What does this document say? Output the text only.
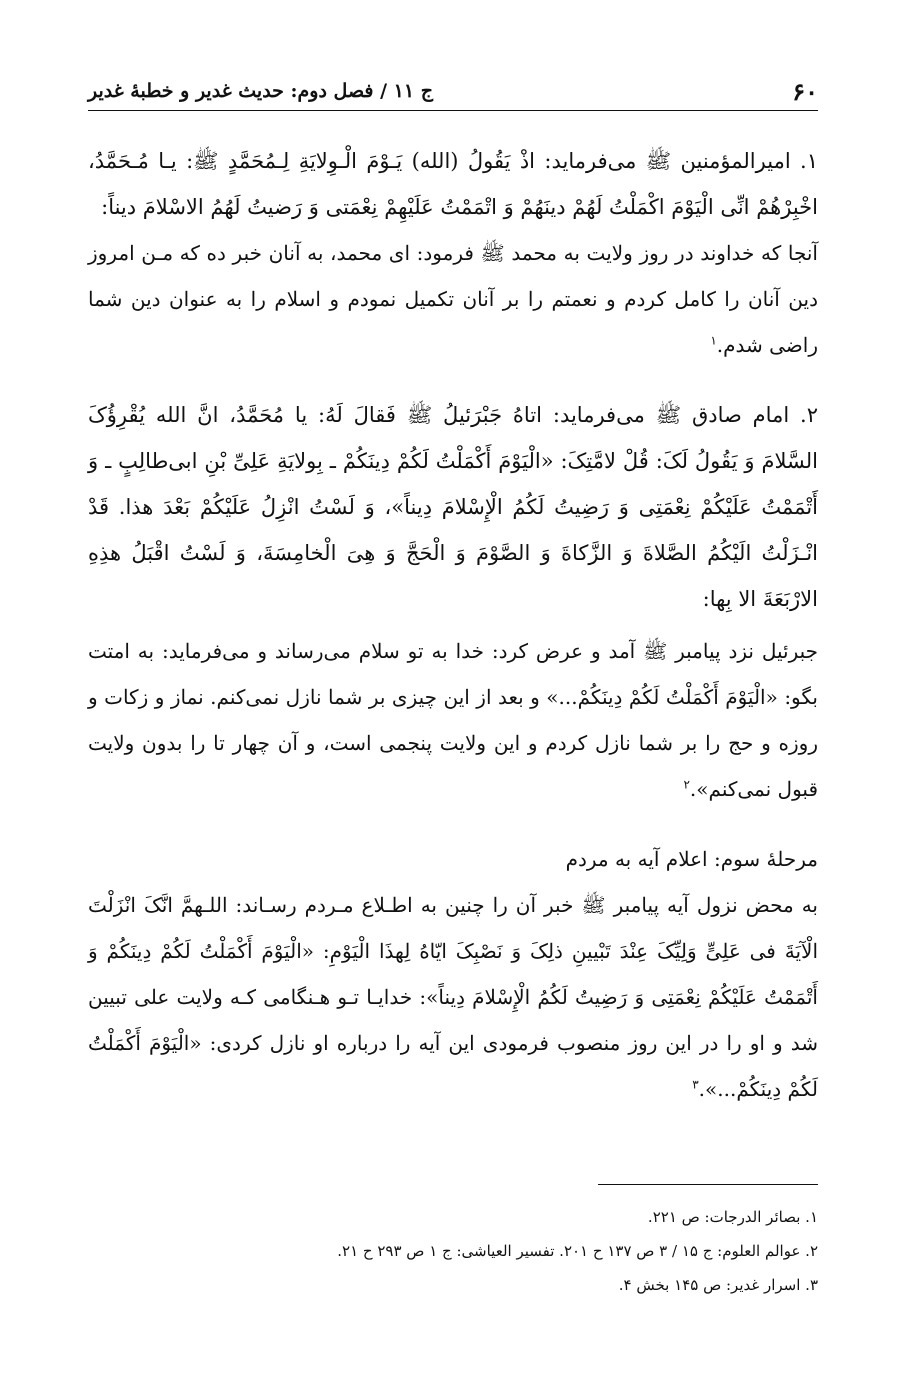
۶۰
ج ۱۱ / فصل دوم: حدیث غدیر و خطبهٔ غدیر

۱. امیرالمؤمنین ﷺ می‌فرماید: اذْ یَقُولُ (الله) یَـوْمَ الْـوِلایَةِ لِـمُحَمَّدٍ ﷺ: یـا مُـحَمَّدُ، اخْبِرْهُمْ انِّی الْیَوْمَ اکْمَلْتُ لَهُمْ دینَهُمْ وَ اتْمَمْتُ عَلَیْهِمْ نِعْمَتی وَ رَضیتُ لَهُمُ الاسْلامَ دیناً:

آنجا که خداوند در روز ولایت به محمد ﷺ فرمود: ای محمد، به آنان خبر ده که مـن امروز دین آنان را کامل کردم و نعمتم را بر آنان تکمیل نمودم و اسلام را به عنوان دین شما راضی شدم.$^۱$

۲. امام صادق ﷺ می‌فرماید: اتاهُ جَبْرَئیلُ ﷺ فَقالَ لَهُ: یا مُحَمَّدُ، انَّ الله یُقْرِؤُکَ السَّلامَ وَ یَقُولُ لَکَ: قُلْ لامَّتِکَ: «الْیَوْمَ أَکْمَلْتُ لَکُمْ دِینَکُمْ ـ بِولایَةِ عَلِیِّ بْنِ ابی‌طالِبٍ ـ وَ أَتْمَمْتُ عَلَیْکُمْ نِعْمَتِی وَ رَضِیتُ لَکُمُ الْإِسْلامَ دِیناً»، وَ لَسْتُ انْزِلُ عَلَیْکُمْ بَعْدَ هذا. قَدْ انْـزَلْتُ الَیْکُمُ الصَّلاةَ وَ الزَّکاةَ وَ الصَّوْمَ وَ الْحَجَّ وَ هِیَ الْخامِسَةَ، وَ لَسْتُ اقْبَلُ هذِهِ الارْبَعَةَ الا بِها:

جبرئیل نزد پیامبر ﷺ آمد و عرض کرد: خدا به تو سلام می‌رساند و می‌فرماید: به امتت بگو: «الْیَوْمَ أَکْمَلْتُ لَکُمْ دِینَکُمْ...» و بعد از این چیزی بر شما نازل نمی‌کنم. نماز و زکات و روزه و حج را بر شما نازل کردم و این ولایت پنجمی است، و آن چهار تا را بدون ولایت قبول نمی‌کنم».$^۲$

مرحلهٔ سوم: اعلام آیه به مردم

به محض نزول آیه پیامبر ﷺ خبر آن را چنین به اطـلاع مـردم رسـاند: اللـهمَّ انَّکَ انْزَلْتَ الْآیَةَ فی عَلِیٍّ وَلِیِّکَ عِنْدَ تَبْیینِ ذلِکَ وَ نَصْبِکَ ایّاهُ لِهذَا الْیَوْمِ: «الْیَوْمَ أَکْمَلْتُ لَکُمْ دِینَکُمْ وَ أَتْمَمْتُ عَلَیْکُمْ نِعْمَتِی وَ رَضِیتُ لَکُمُ الْإِسْلامَ دِیناً»: خدایـا تـو هـنگامی کـه ولایت علی تبیین شد و او را در این روز منصوب فرمودی این آیه را درباره او نازل کردی: «الْیَوْمَ أَکْمَلْتُ لَکُمْ دِینَکُمْ...».$^۳$

۱. بصائر الدرجات: ص ۲۲۱.

۲. عوالم العلوم: ج ۱۵ / ۳ ص ۱۳۷ ح ۲۰۱. تفسیر العیاشی: ج ۱ ص ۲۹۳ ح ۲۱.

۳. اسرار غدیر: ص ۱۴۵ بخش ۴.
